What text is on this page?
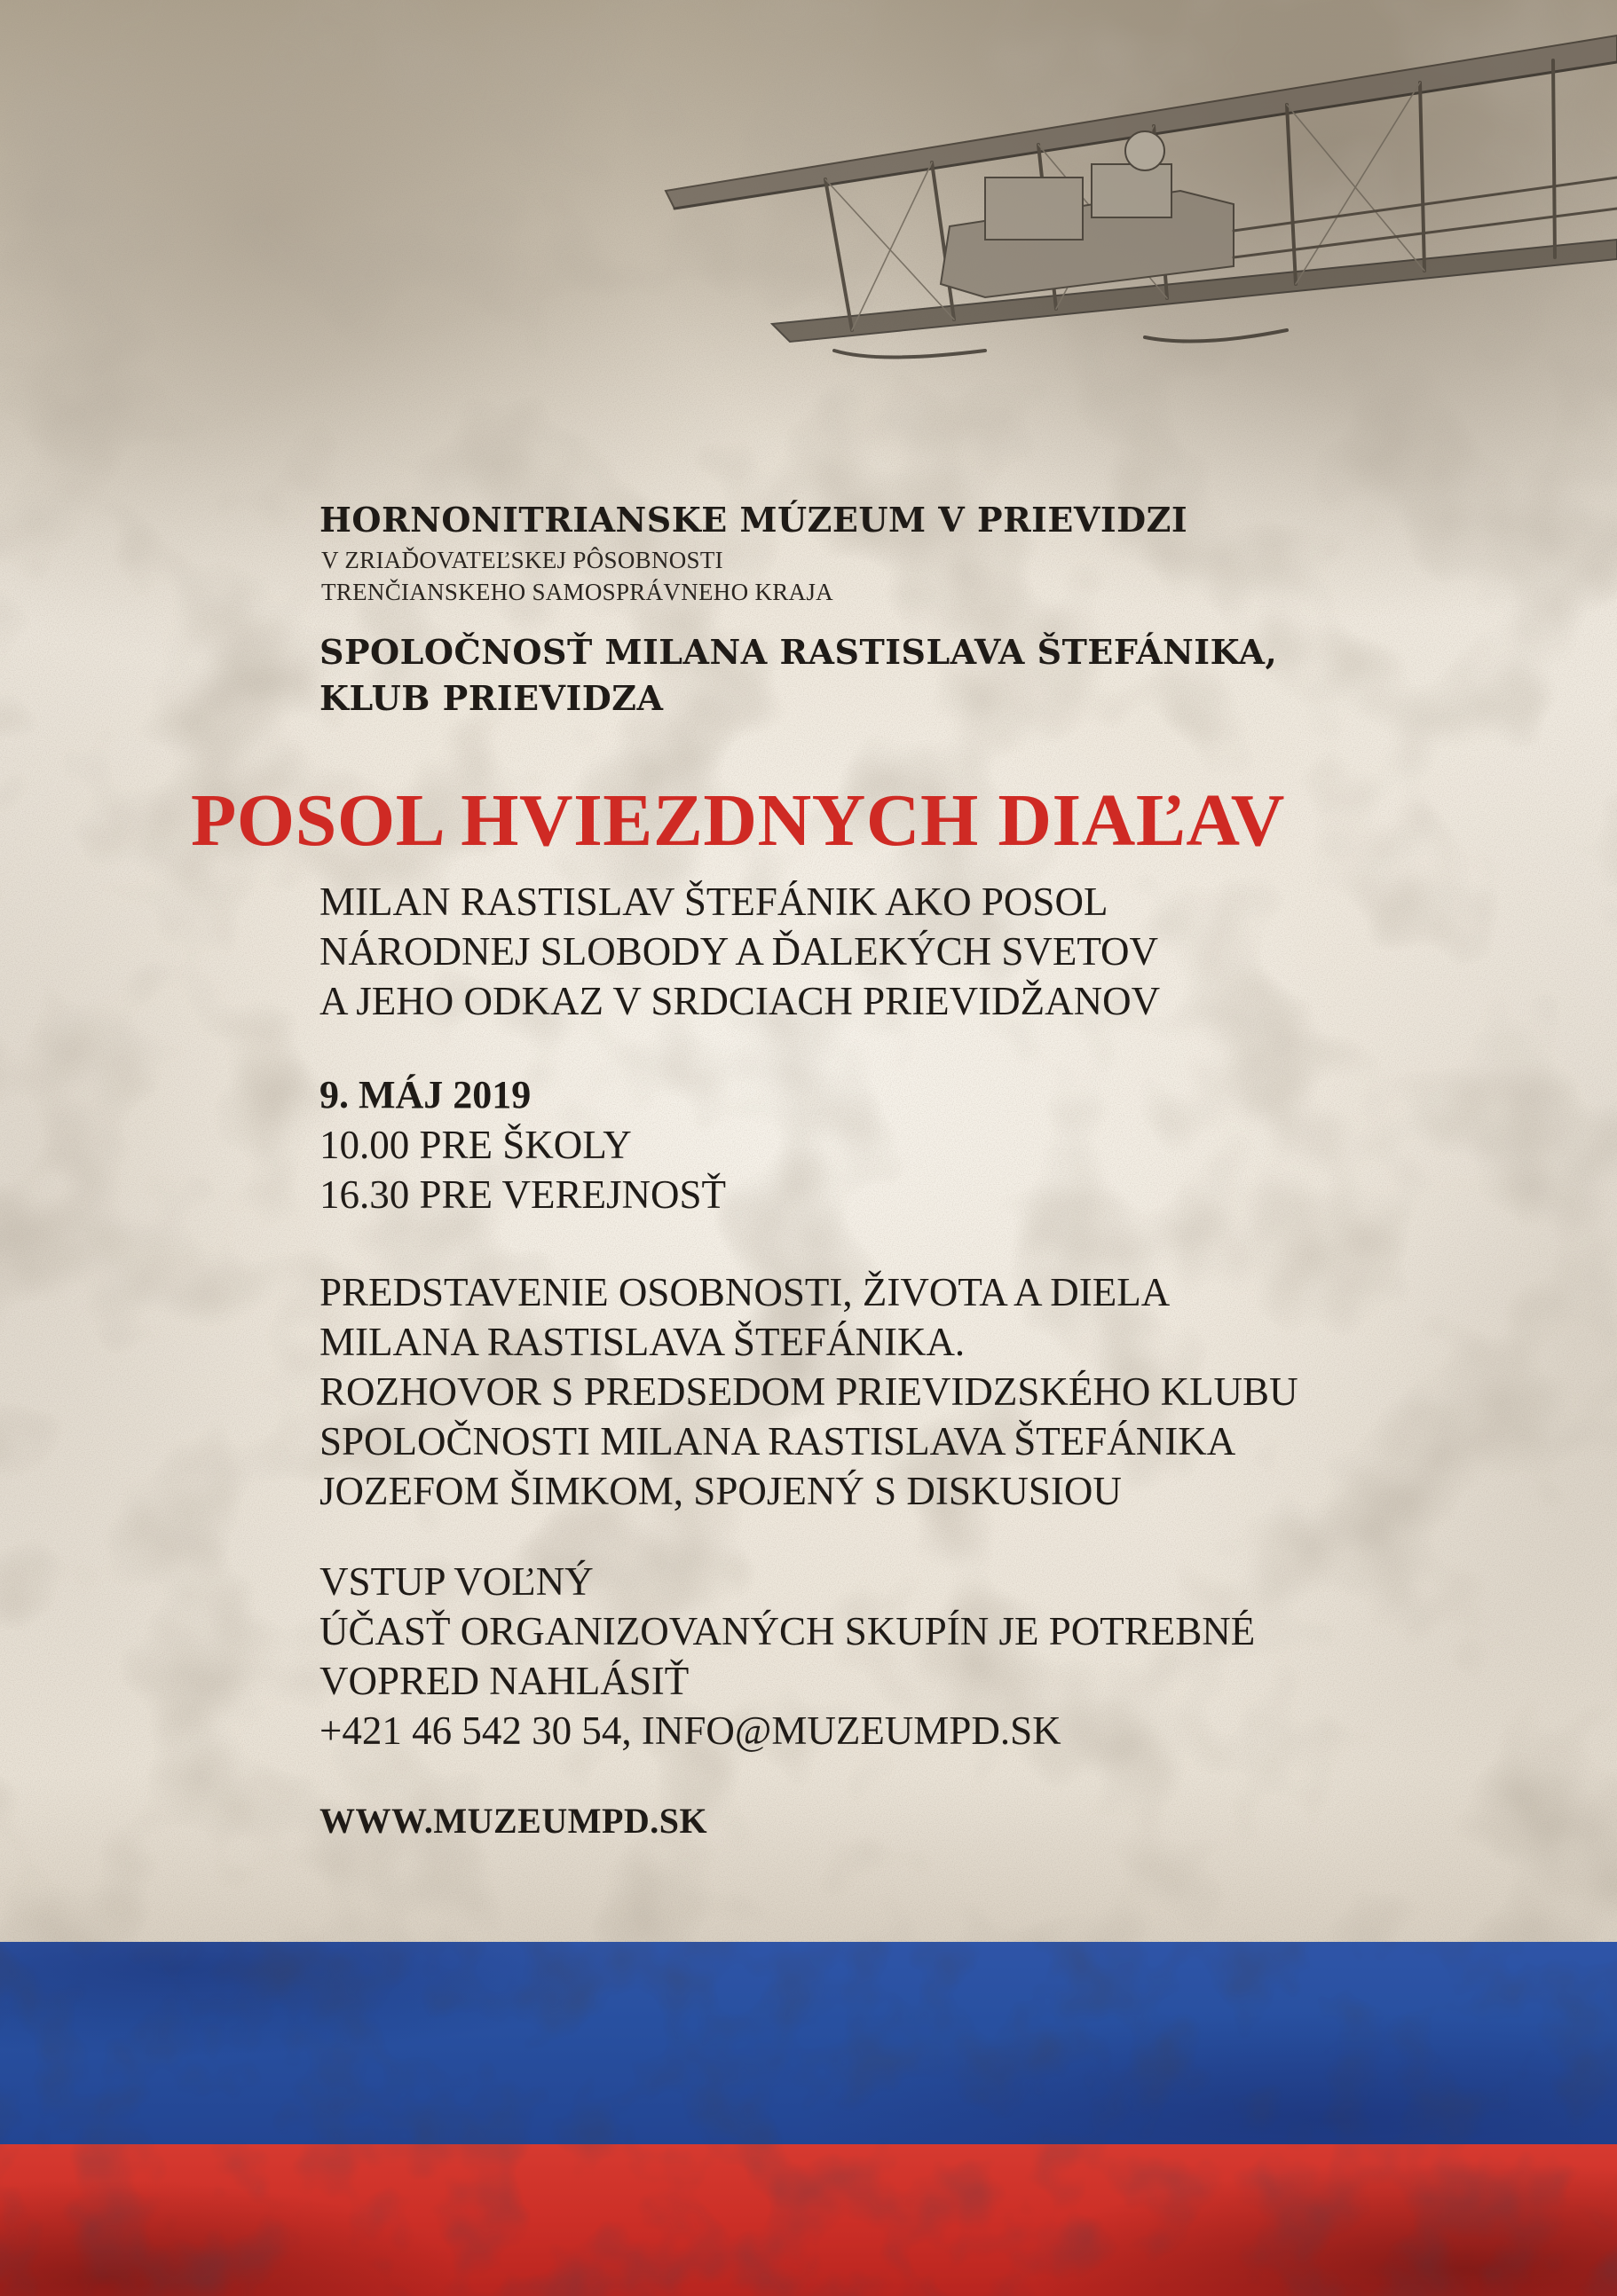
HORNONITRIANSKE MÚZEUM V PRIEVIDZI
V ZRIAĎOVATEĽSKEJ PÔSOBNOSTI
TRENČIANSKEHO SAMOSPRÁVNEHO KRAJA
SPOLOČNOSŤ MILANA RASTISLAVA ŠTEFÁNIKA,
KLUB PRIEVIDZA
POSOL HVIEZDNYCH DIAĽAV
MILAN RASTISLAV ŠTEFÁNIK AKO POSOL
NÁRODNEJ SLOBODY A ĎALEKÝCH SVETOV
A JEHO ODKAZ V SRDCIACH PRIEVIDŽANOV
9. MÁJ 2019
10.00 PRE ŠKOLY
16.30 PRE VEREJNOSŤ
PREDSTAVENIE OSOBNOSTI, ŽIVOTA A DIELA
MILANA RASTISLAVA ŠTEFÁNIKA.
ROZHOVOR S PREDSEDOM PRIEVIDZSKÉHO KLUBU
SPOLOČNOSTI MILANA RASTISLAVA ŠTEFÁNIKA
JOZEFOM ŠIMKOM, SPOJENÝ S DISKUSIOU
VSTUP VOĽNÝ
ÚČASŤ ORGANIZOVANÝCH SKUPÍN JE POTREBNÉ
VOPRED NAHLÁSIŤ
+421 46 542 30 54, INFO@MUZEUMPD.SK
WWW.MUZEUMPD.SK
